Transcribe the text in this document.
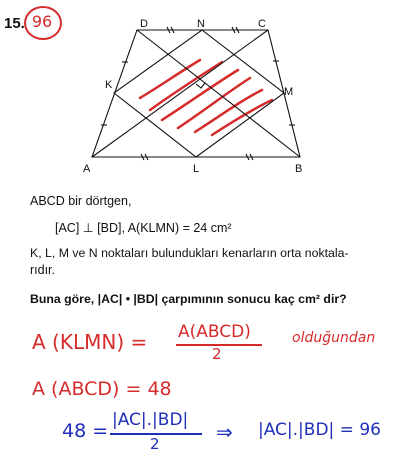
15. 96	D	N	C
K
M
A	L	B
ABCD bir dörtgen,
[AC] ⊥ [BD], A(KLMN) = 24 cm²
K, L, M ve N noktaları bulundukları kenarların orta noktala-
rıdır.
Buna göre, |AC| • |BD| çarpımının sonucu kaç cm² dir?
A (KLMN) = A(ABCD)
2
olduğundan
A (ABCD) = 48
48 = |AC|.|BD|
2	⇒ |AC|.|BD| = 96
